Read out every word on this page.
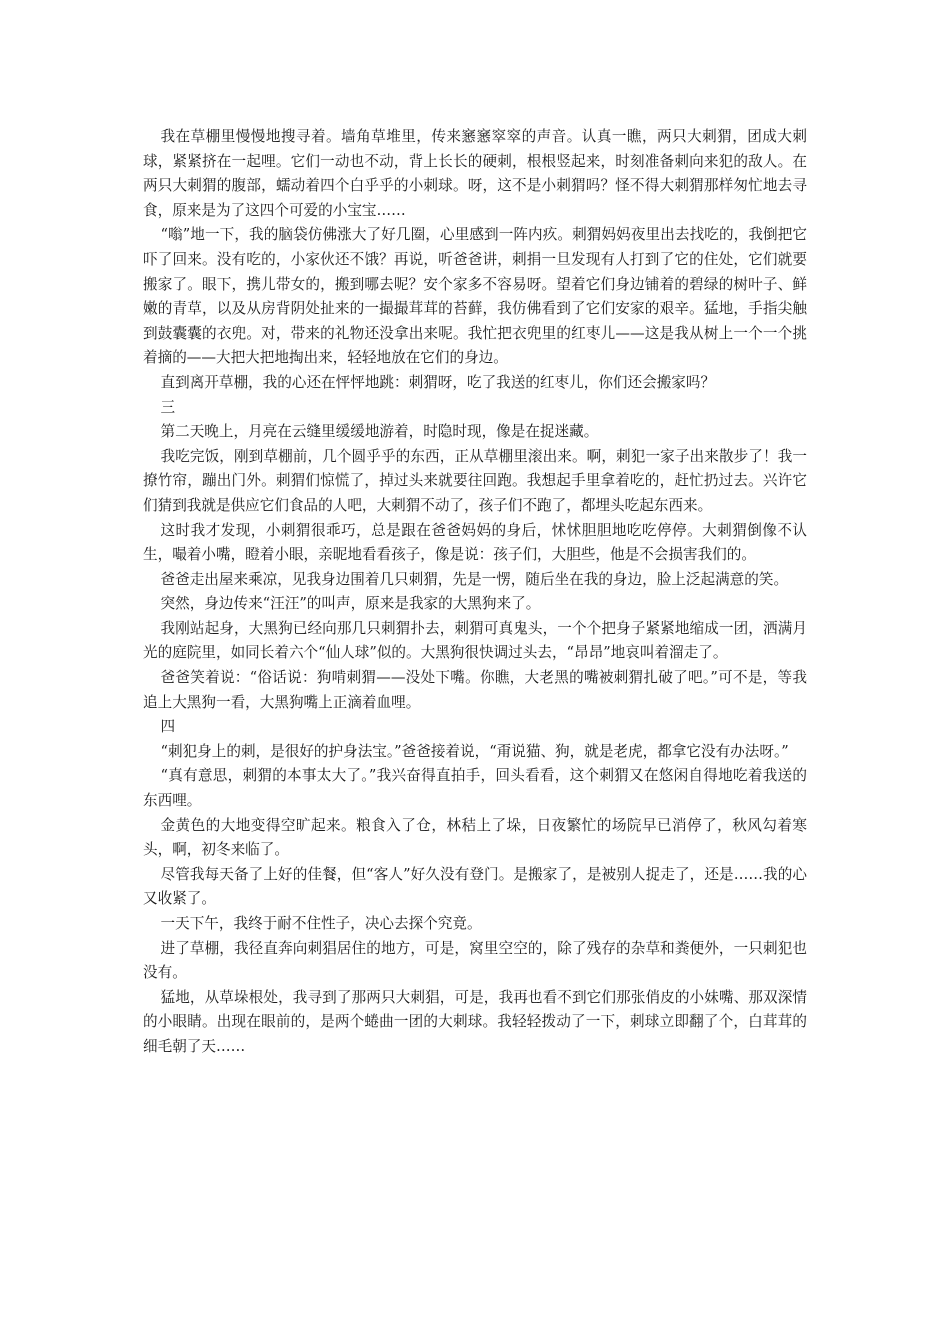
我在草棚里慢慢地搜寻着。墙角草堆里，传来窸窸窣窣的声音。认真一瞧，两只大刺猬，团成大刺球，紧紧挤在一起哩。它们一动也不动，背上长长的硬刺，根根竖起来，时刻准备刺向来犯的敌人。在两只大刺猬的腹部，蠕动着四个白乎乎的小刺球。呀，这不是小刺猬吗？怪不得大刺猬那样匆忙地去寻食，原来是为了这四个可爱的小宝宝……

“嗡”地一下，我的脑袋仿佛涨大了好几圈，心里感到一阵内疚。刺猬妈妈夜里出去找吃的，我倒把它吓了回来。没有吃的，小家伙还不饿？再说，听爸爸讲，刺捐一旦发现有人打到了它的住处，它们就要搬家了。眼下，携儿带女的，搬到哪去呢？安个家多不容易呀。望着它们身边铺着的碧绿的树叶子、鲜嫩的青草，以及从房背阴处扯来的一撮撮茸茸的苔藓，我仿佛看到了它们安家的艰辛。猛地，手指尖触到鼓囊囊的衣兜。对，带来的礼物还没拿出来呢。我忙把衣兜里的红枣儿——这是我从树上一个一个挑着摘的——大把大把地掏出来，轻轻地放在它们的身边。

直到离开草棚，我的心还在怦怦地跳：刺猬呀，吃了我送的红枣儿，你们还会搬家吗？

三

第二天晚上，月亮在云缝里缓缓地游着，时隐时现，像是在捉迷藏。

我吃完饭，刚到草棚前，几个圆乎乎的东西，正从草棚里滚出来。啊，刺犯一家子出来散步了！我一撩竹帘，蹦出门外。刺猬们惊慌了，掉过头来就要往回跑。我想起手里拿着吃的，赶忙扔过去。兴许它们猜到我就是供应它们食品的人吧，大刺猬不动了，孩子们不跑了，都埋头吃起东西来。

这时我才发现，小刺猬很乖巧，总是跟在爸爸妈妈的身后，怵怵胆胆地吃吃停停。大刺猬倒像不认生，嘬着小嘴，瞪着小眼，亲昵地看看孩子，像是说：孩子们，大胆些，他是不会损害我们的。

爸爸走出屋来乘凉，见我身边围着几只刺猬，先是一愣，随后坐在我的身边，脸上泛起满意的笑。

突然，身边传来“汪汪”的叫声，原来是我家的大黑狗来了。

我刚站起身，大黑狗已经向那几只刺猬扑去，刺猬可真鬼头，一个个把身子紧紧地缩成一团，洒满月光的庭院里，如同长着六个“仙人球”似的。大黑狗很快调过头去，“昂昂”地哀叫着溜走了。

爸爸笑着说：“俗话说：狗啃刺猬——没处下嘴。你瞧，大老黑的嘴被刺猬扎破了吧。”可不是，等我追上大黑狗一看，大黑狗嘴上正滴着血哩。

四

“刺犯身上的刺，是很好的护身法宝。”爸爸接着说，“甭说猫、狗，就是老虎，都拿它没有办法呀。”

“真有意思，刺猬的本事太大了。”我兴奋得直拍手，回头看看，这个刺猬又在悠闲自得地吃着我送的东西哩。

金黄色的大地变得空旷起来。粮食入了仓，林秸上了垛，日夜繁忙的场院早已消停了，秋风勾着寒头，啊，初冬来临了。

尽管我每天备了上好的佳餐，但“客人”好久没有登门。是搬家了，是被别人捉走了，还是……我的心又收紧了。

一天下午，我终于耐不住性子，决心去探个究竟。

进了草棚，我径直奔向刺猖居住的地方，可是，窝里空空的，除了残存的杂草和粪便外，一只刺犯也没有。

猛地，从草垛根处，我寻到了那两只大刺猖，可是，我再也看不到它们那张俏皮的小妹嘴、那双深情的小眼睛。出现在眼前的，是两个蜷曲一团的大刺球。我轻轻拨动了一下，刺球立即翻了个，白茸茸的细毛朝了天……
